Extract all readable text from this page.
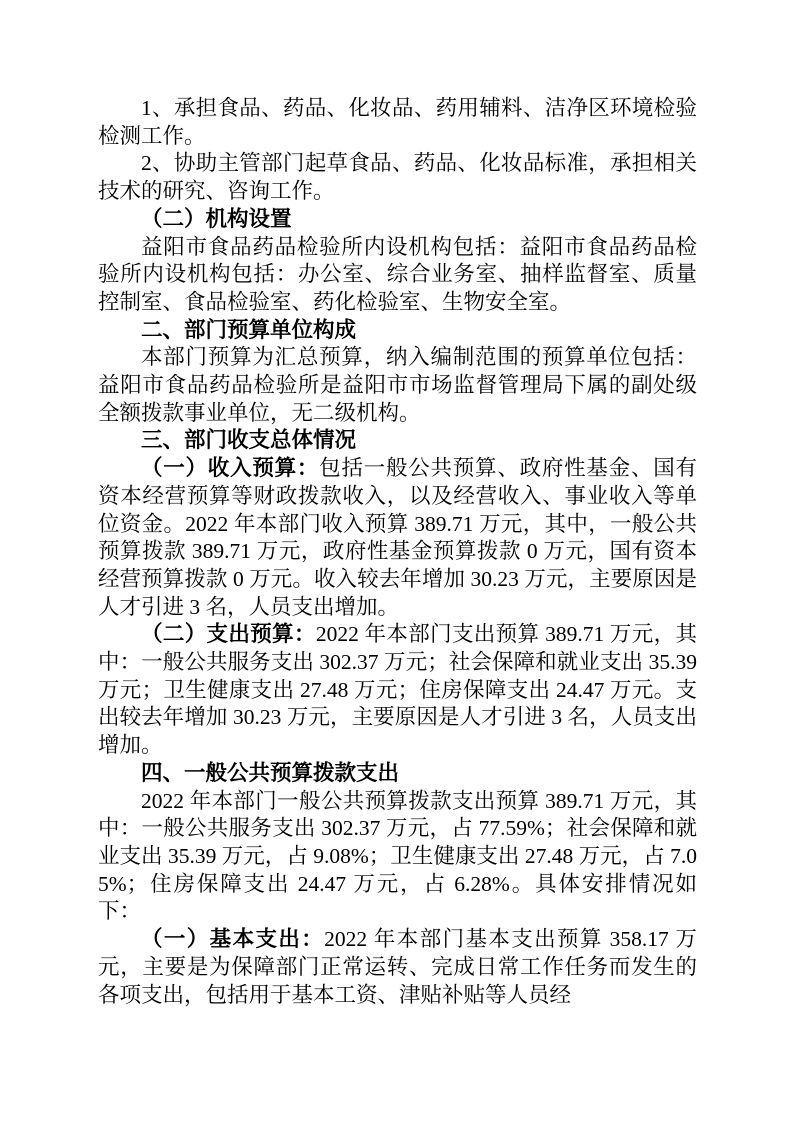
1、承担食品、药品、化妆品、药用辅料、洁净区环境检验检测工作。

2、协助主管部门起草食品、药品、化妆品标准，承担相关技术的研究、咨询工作。

（二）机构设置

益阳市食品药品检验所内设机构包括：益阳市食品药品检验所内设机构包括：办公室、综合业务室、抽样监督室、质量控制室、食品检验室、药化检验室、生物安全室。

二、部门预算单位构成

本部门预算为汇总预算，纳入编制范围的预算单位包括：益阳市食品药品检验所是益阳市市场监督管理局下属的副处级全额拨款事业单位，无二级机构。

三、部门收支总体情况

（一）收入预算：包括一般公共预算、政府性基金、国有资本经营预算等财政拨款收入，以及经营收入、事业收入等单位资金。2022 年本部门收入预算 389.71 万元，其中，一般公共预算拨款 389.71 万元，政府性基金预算拨款 0 万元，国有资本经营预算拨款 0 万元。收入较去年增加 30.23 万元，主要原因是人才引进 3 名，人员支出增加。

（二）支出预算：2022 年本部门支出预算 389.71 万元，其中：一般公共服务支出 302.37 万元；社会保障和就业支出 35.39 万元；卫生健康支出 27.48 万元；住房保障支出 24.47 万元。支出较去年增加 30.23 万元，主要原因是人才引进 3 名，人员支出增加。

四、一般公共预算拨款支出

2022 年本部门一般公共预算拨款支出预算 389.71 万元，其中：一般公共服务支出 302.37 万元，占 77.59%；社会保障和就业支出 35.39 万元，占 9.08%；卫生健康支出 27.48 万元，占 7.05%；住房保障支出 24.47 万元，占 6.28%。具体安排情况如下：

（一）基本支出：2022 年本部门基本支出预算 358.17 万元，主要是为保障部门正常运转、完成日常工作任务而发生的各项支出，包括用于基本工资、津贴补贴等人员经
